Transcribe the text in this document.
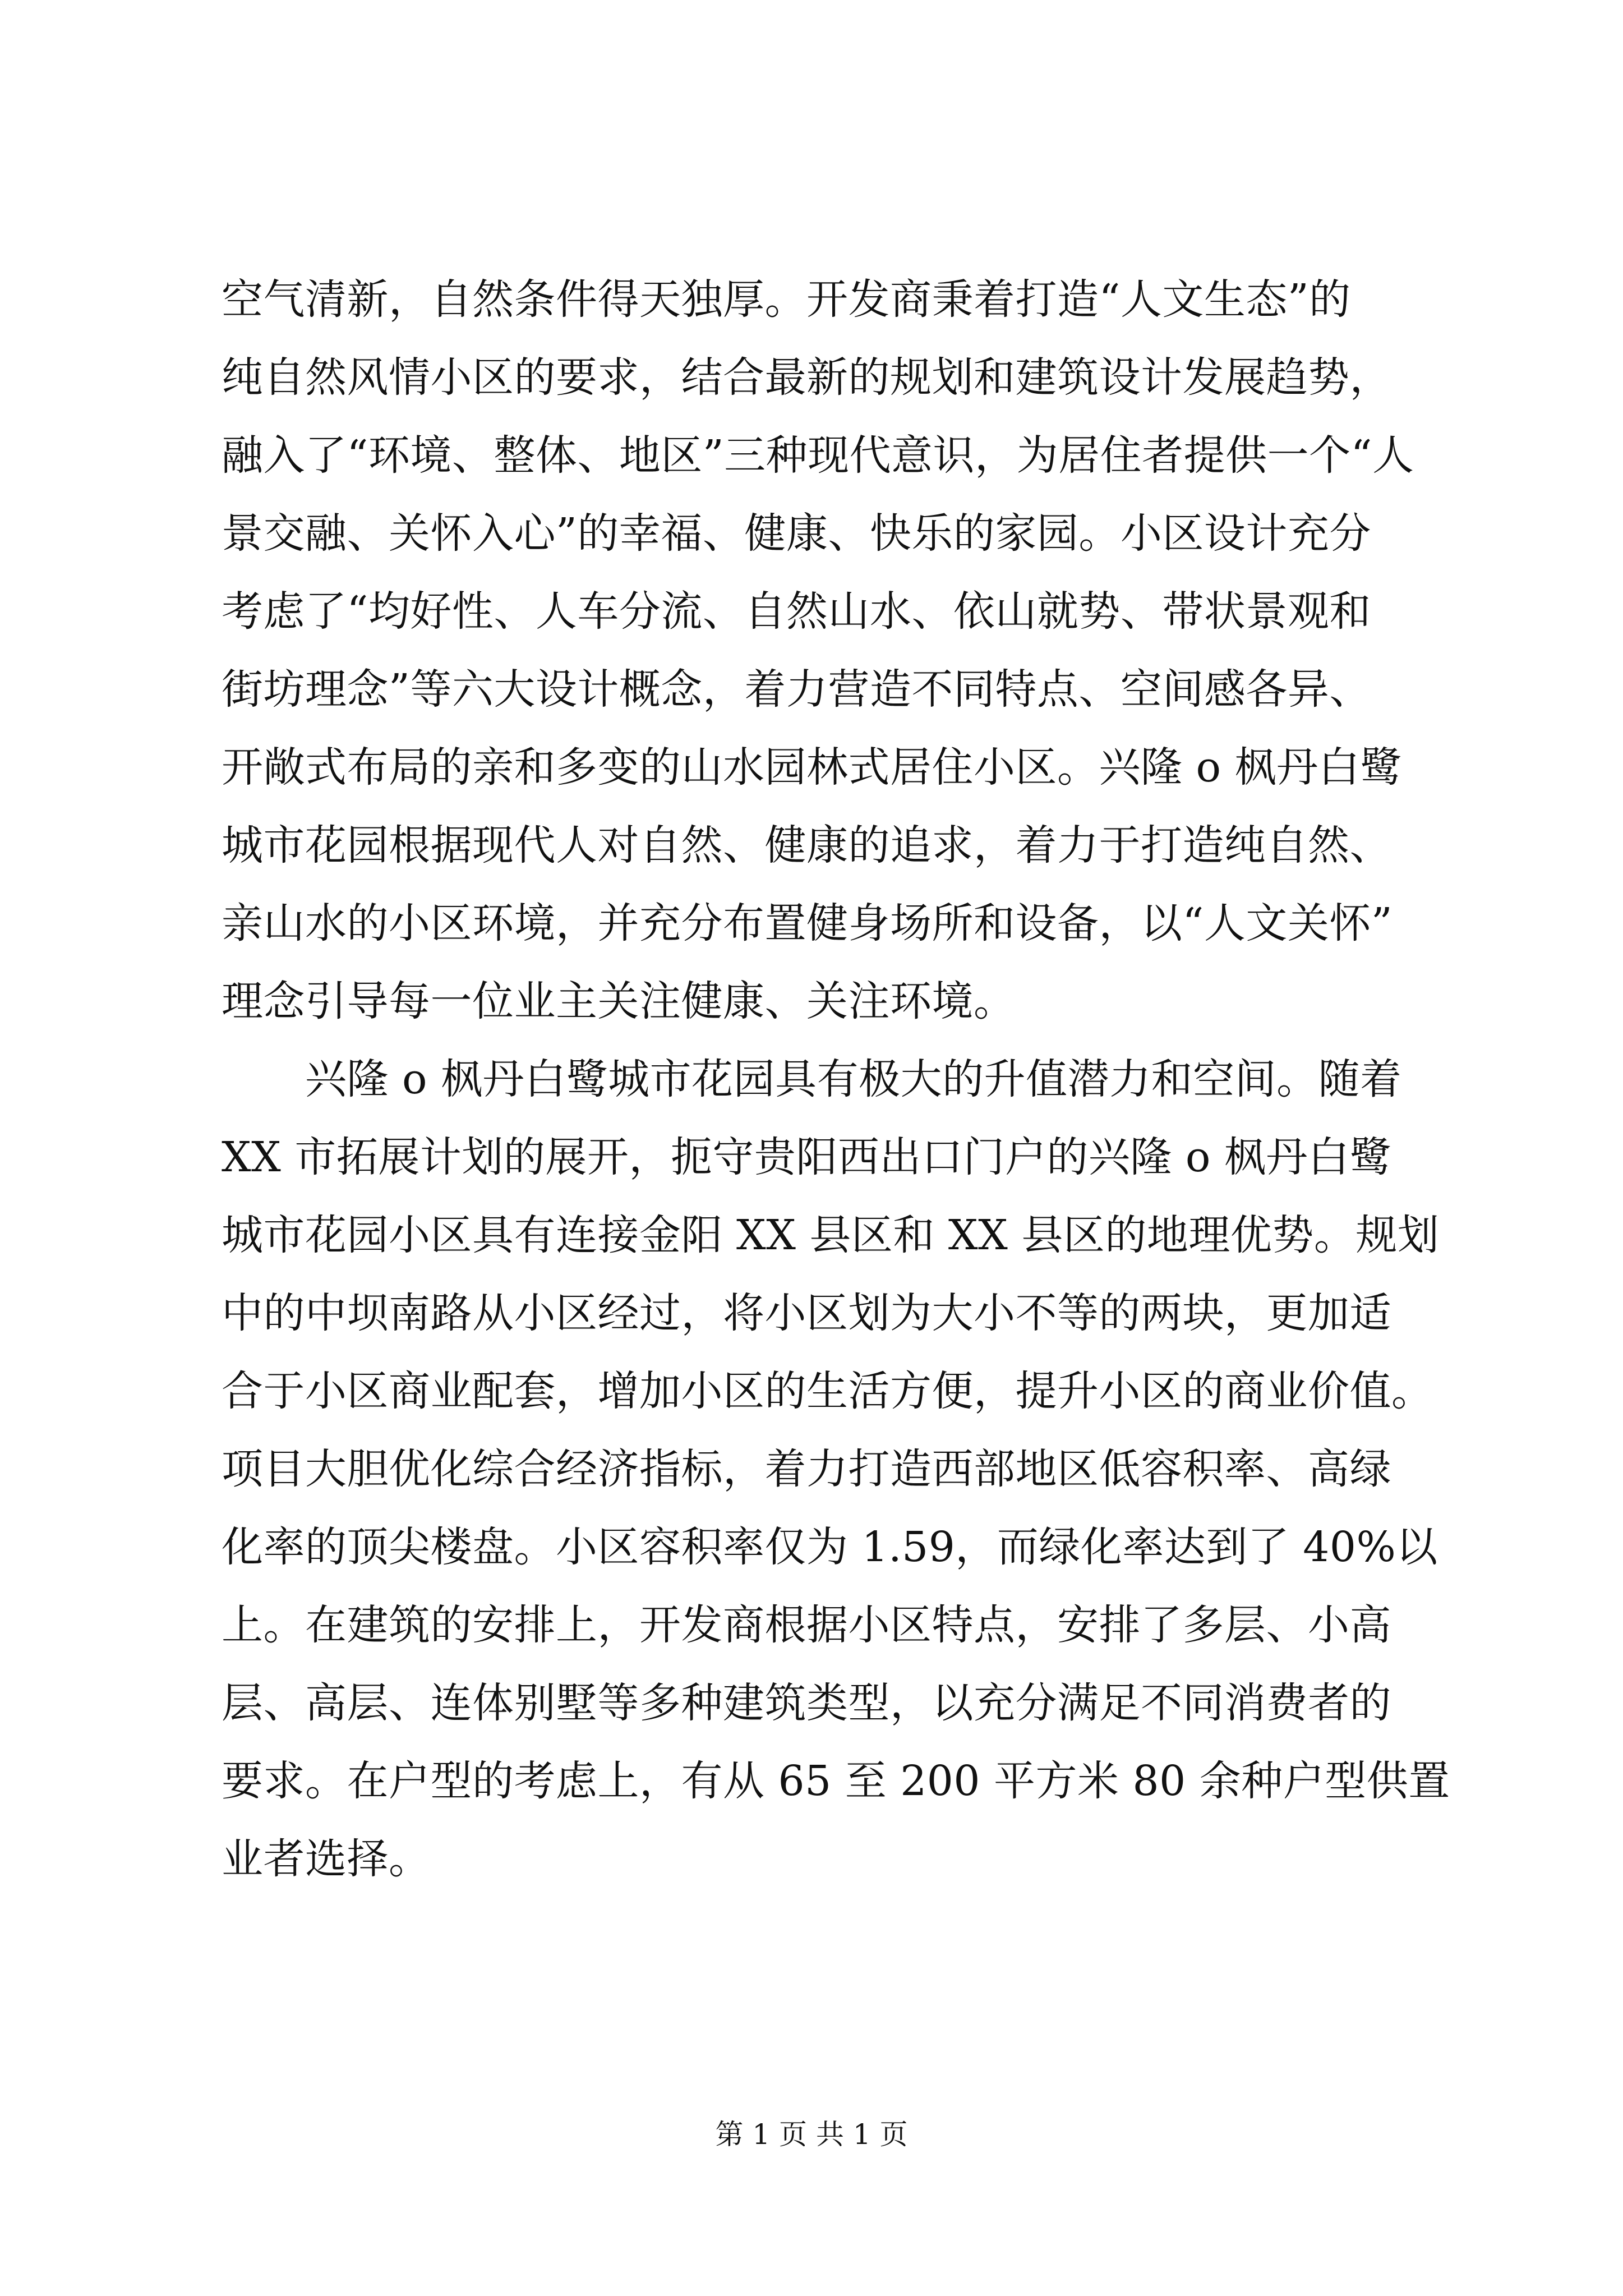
空气清新，自然条件得天独厚。开发商秉着打造“人文生态”的
纯自然风情小区的要求，结合最新的规划和建筑设计发展趋势，
融入了“环境、整体、地区”三种现代意识，为居住者提供一个“人
景交融、关怀入心”的幸福、健康、快乐的家园。小区设计充分
考虑了“均好性、人车分流、自然山水、依山就势、带状景观和
街坊理念”等六大设计概念，着力营造不同特点、空间感各异、
开敞式布局的亲和多变的山水园林式居住小区。兴隆 o 枫丹白鹭
城市花园根据现代人对自然、健康的追求，着力于打造纯自然、
亲山水的小区环境，并充分布置健身场所和设备，以“人文关怀”
理念引导每一位业主关注健康、关注环境。
　　兴隆 o 枫丹白鹭城市花园具有极大的升值潜力和空间。随着
XX 市拓展计划的展开，扼守贵阳西出口门户的兴隆 o 枫丹白鹭
城市花园小区具有连接金阳 XX 县区和 XX 县区的地理优势。规划
中的中坝南路从小区经过，将小区划为大小不等的两块，更加适
合于小区商业配套，增加小区的生活方便，提升小区的商业价值。
项目大胆优化综合经济指标，着力打造西部地区低容积率、高绿
化率的顶尖楼盘。小区容积率仅为 1.59，而绿化率达到了 40%以
上。在建筑的安排上，开发商根据小区特点，安排了多层、小高
层、高层、连体别墅等多种建筑类型，以充分满足不同消费者的
要求。在户型的考虑上，有从 65 至 200 平方米 80 余种户型供置
业者选择。
第 1 页 共 1 页
